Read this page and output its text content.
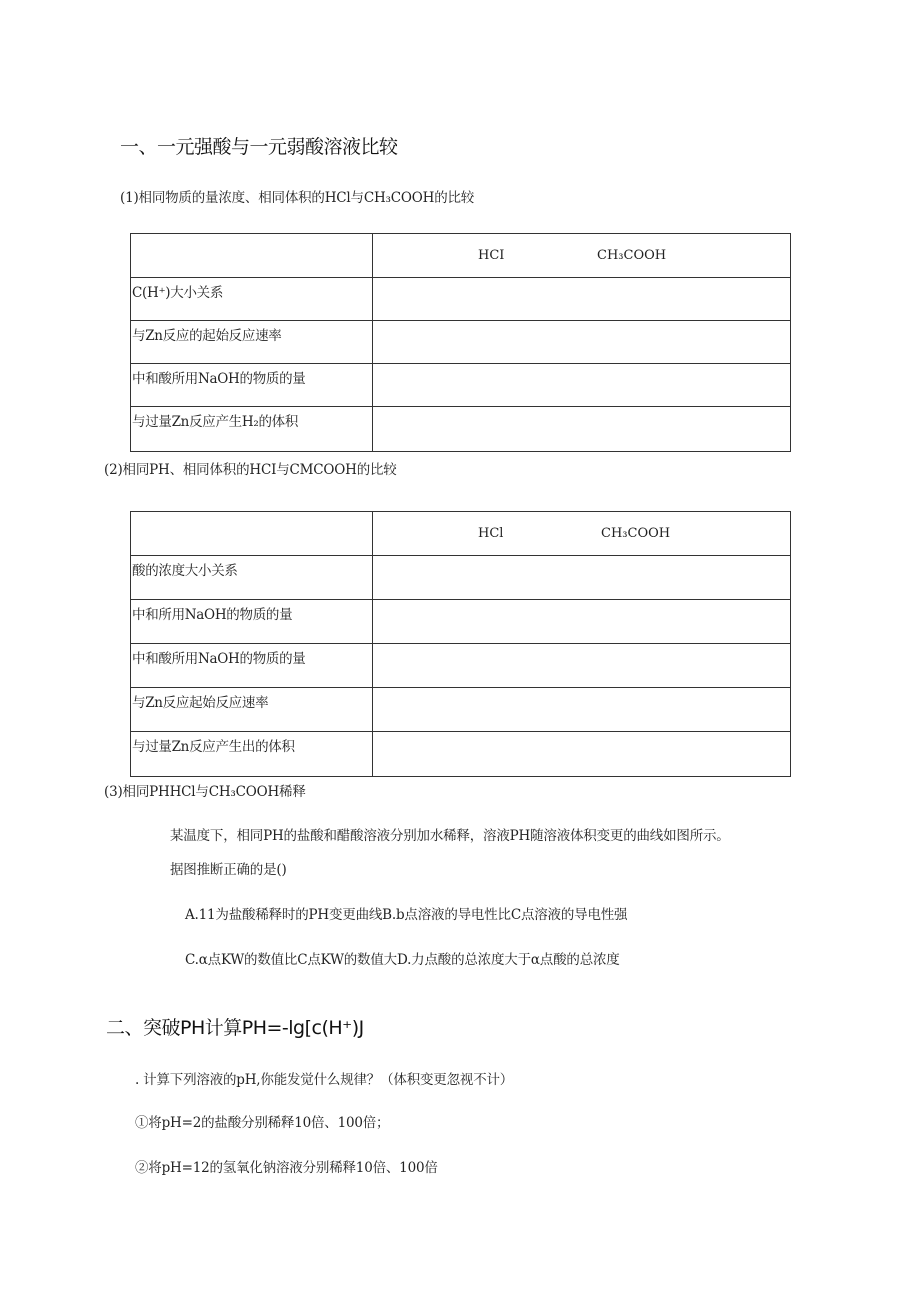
一、一元强酸与一元弱酸溶液比较
(1)相同物质的量浓度、相同体积的HCl与CH₃COOH的比较

	HCI CH₃COOH

C(H⁺)大小关系	
与Zn反应的起始反应速率	
中和酸所用NaOH的物质的量	
与过量Zn反应产生H₂的体积	
(2)相同PH、相同体积的HCI与CMCOOH的比较

	HCl CH₃COOH

酸的浓度大小关系	
中和所用NaOH的物质的量	
中和酸所用NaOH的物质的量	
与Zn反应起始反应速率	
与过量Zn反应产生出的体积	
(3)相同PHHCl与CH₃COOH稀释
某温度下，相同PH的盐酸和醋酸溶液分别加水稀释，溶液PH随溶液体积变更的曲线如图所示。
据图推断正确的是()
A.11为盐酸稀释时的PH变更曲线B.b点溶液的导电性比C点溶液的导电性强
C.α点KW的数值比C点KW的数值大D.力点酸的总浓度大于α点酸的总浓度
二、突破PH计算PH=-lg[c(H⁺)J
. 计算下列溶液的pH,你能发觉什么规律？（体积变更忽视不计）
①将pH=2的盐酸分别稀释10倍、100倍；
②将pH=12的氢氧化钠溶液分别稀释10倍、100倍
